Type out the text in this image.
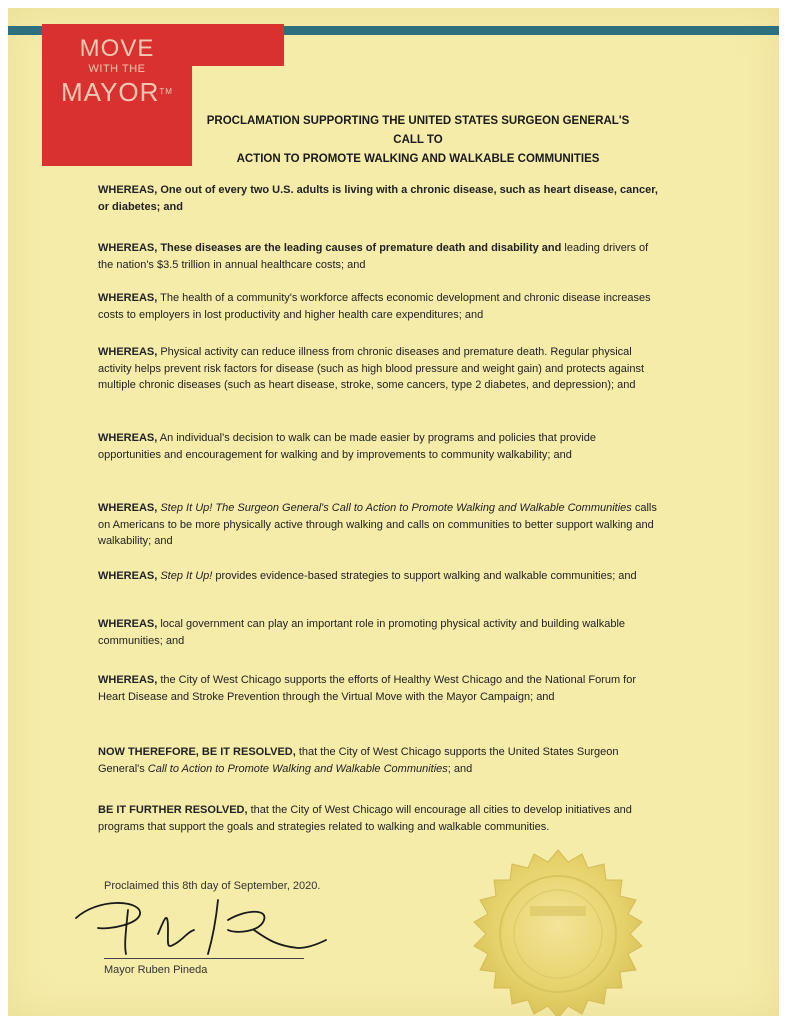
MOVE
WITH THE
MAYOR™
PROCLAMATION SUPPORTING THE UNITED STATES SURGEON GENERAL'S CALL TO
ACTION TO PROMOTE WALKING AND WALKABLE COMMUNITIES

WHEREAS, One out of every two U.S. adults is living with a chronic disease, such as heart disease, cancer, or diabetes; and

WHEREAS, These diseases are the leading causes of premature death and disability and leading drivers of the nation's $3.5 trillion in annual healthcare costs; and

WHEREAS, The health of a community's workforce affects economic development and chronic disease increases costs to employers in lost productivity and higher health care expenditures; and

WHEREAS, Physical activity can reduce illness from chronic diseases and premature death. Regular physical activity helps prevent risk factors for disease (such as high blood pressure and weight gain) and protects against multiple chronic diseases (such as heart disease, stroke, some cancers, type 2 diabetes, and depression); and

WHEREAS, An individual's decision to walk can be made easier by programs and policies that provide opportunities and encouragement for walking and by improvements to community walkability; and

WHEREAS, Step It Up! The Surgeon General's Call to Action to Promote Walking and Walkable Communities calls on Americans to be more physically active through walking and calls on communities to better support walking and walkability; and

WHEREAS, Step It Up! provides evidence-based strategies to support walking and walkable communities; and

WHEREAS, local government can play an important role in promoting physical activity and building walkable communities; and

WHEREAS, the City of West Chicago supports the efforts of Healthy West Chicago and the National Forum for Heart Disease and Stroke Prevention through the Virtual Move with the Mayor Campaign; and

NOW THEREFORE, BE IT RESOLVED, that the City of West Chicago supports the United States Surgeon General's Call to Action to Promote Walking and Walkable Communities; and

BE IT FURTHER RESOLVED, that the City of West Chicago will encourage all cities to develop initiatives and programs that support the goals and strategies related to walking and walkable communities.

Proclaimed this 8th day of September, 2020.
Mayor Ruben Pineda
